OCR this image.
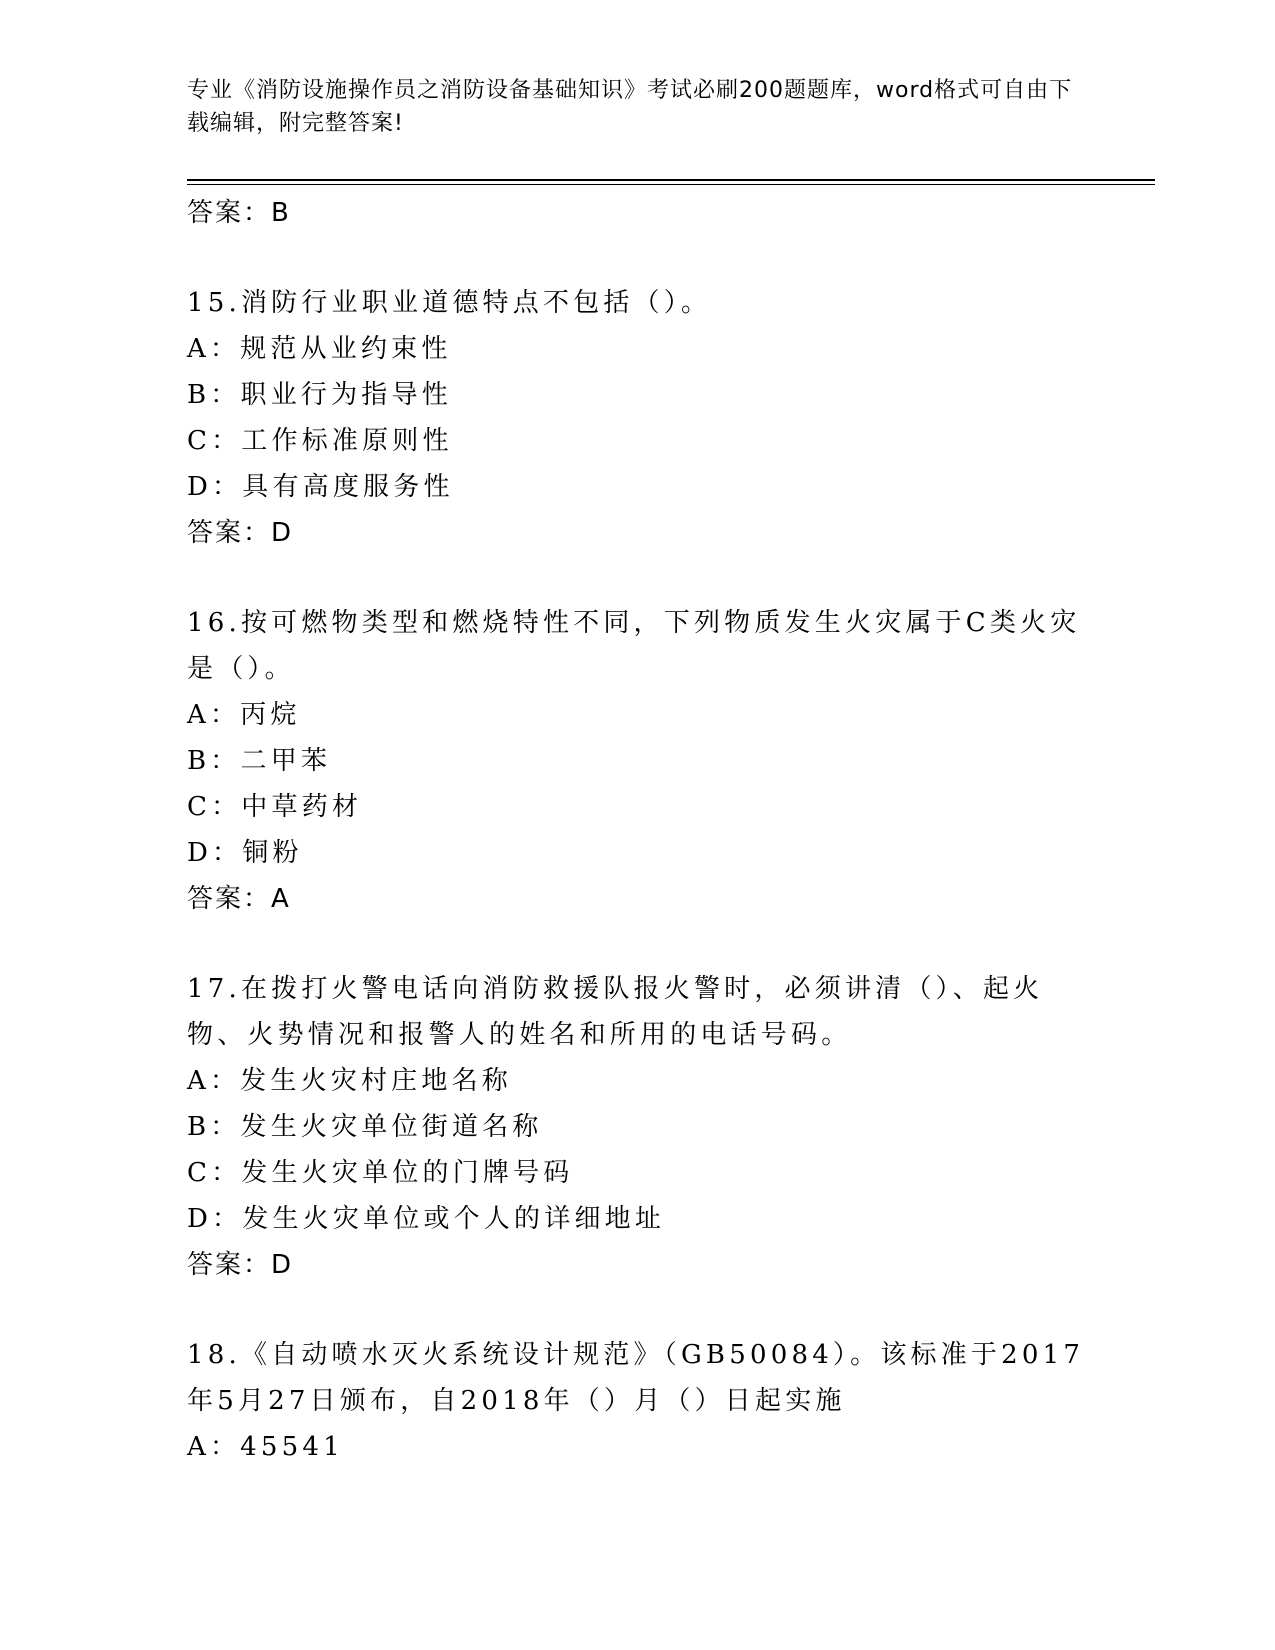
专业《消防设施操作员之消防设备基础知识》考试必刷200题题库，word格式可自由下载编辑，附完整答案!
答案：B
15.消防行业职业道德特点不包括（）。
A：规范从业约束性
B：职业行为指导性
C：工作标准原则性
D：具有高度服务性
答案：D
16.按可燃物类型和燃烧特性不同，下列物质发生火灾属于C类火灾是（）。
A：丙烷
B：二甲苯
C：中草药材
D：铜粉
答案：A
17.在拨打火警电话向消防救援队报火警时，必须讲清（）、起火物、火势情况和报警人的姓名和所用的电话号码。
A：发生火灾村庄地名称
B：发生火灾单位街道名称
C：发生火灾单位的门牌号码
D：发生火灾单位或个人的详细地址
答案：D
18.《自动喷水灭火系统设计规范》（GB50084）。该标准于2017年5月27日颁布，自2018年（）月（）日起实施
A：45541
